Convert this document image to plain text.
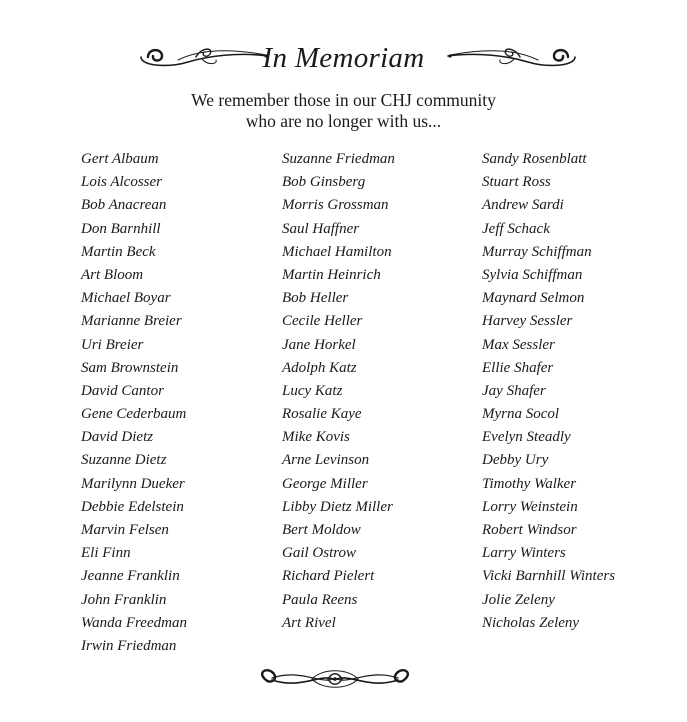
In Memoriam
We remember those in our CHJ community
who are no longer with us...
Gert Albaum
Lois Alcosser
Bob Anacrean
Don Barnhill
Martin Beck
Art Bloom
Michael Boyar
Marianne Breier
Uri Breier
Sam Brownstein
David Cantor
Gene Cederbaum
David Dietz
Suzanne Dietz
Marilynn Dueker
Debbie Edelstein
Marvin Felsen
Eli Finn
Jeanne Franklin
John Franklin
Wanda Freedman
Irwin Friedman
Suzanne Friedman
Bob Ginsberg
Morris Grossman
Saul Haffner
Michael Hamilton
Martin Heinrich
Bob Heller
Cecile Heller
Jane Horkel
Adolph Katz
Lucy Katz
Rosalie Kaye
Mike Kovis
Arne Levinson
George Miller
Libby Dietz Miller
Bert Moldow
Gail Ostrow
Richard Pielert
Paula Reens
Art Rivel
Sandy Rosenblatt
Stuart Ross
Andrew Sardi
Jeff Schack
Murray Schiffman
Sylvia Schiffman
Maynard Selmon
Harvey Sessler
Max Sessler
Ellie Shafer
Jay Shafer
Myrna Socol
Evelyn Steadly
Debby Ury
Timothy Walker
Lorry Weinstein
Robert Windsor
Larry Winters
Vicki Barnhill Winters
Jolie Zeleny
Nicholas Zeleny
